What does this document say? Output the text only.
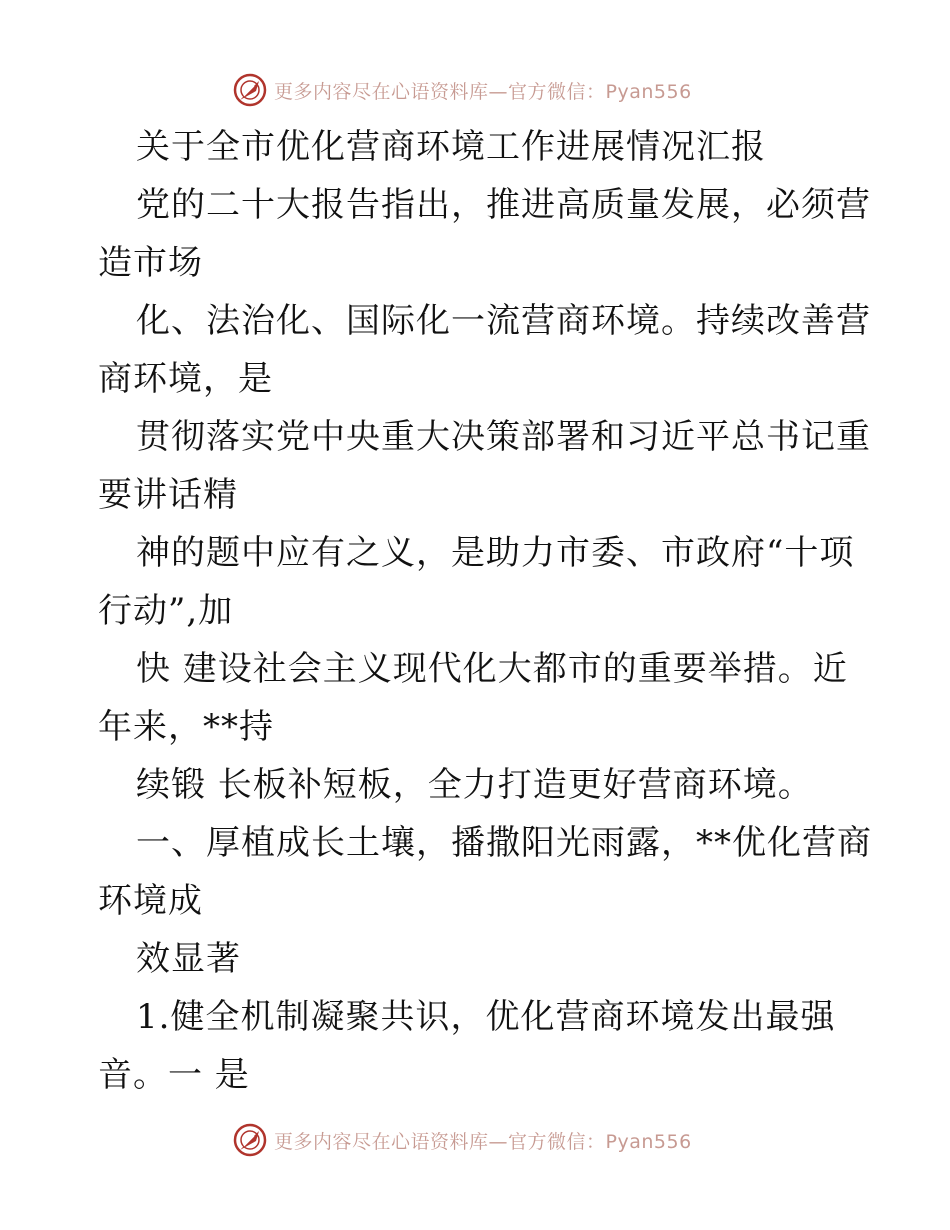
更多内容尽在心语资料库—官方微信：Pyan556
关于全市优化营商环境工作进展情况汇报
党的二十大报告指出，推进高质量发展，必须营
造市场
化、法治化、国际化一流营商环境。持续改善营
商环境，是
贯彻落实党中央重大决策部署和习近平总书记重
要讲话精
神的题中应有之义，是助力市委、市政府“十项
行动”,加
快 建设社会主义现代化大都市的重要举措。近
年来，**持
续锻 长板补短板，全力打造更好营商环境。
一、厚植成长土壤，播撒阳光雨露，**优化营商
环境成
效显著
1.健全机制凝聚共识，优化营商环境发出最强
音。一 是
更多内容尽在心语资料库—官方微信：Pyan556
